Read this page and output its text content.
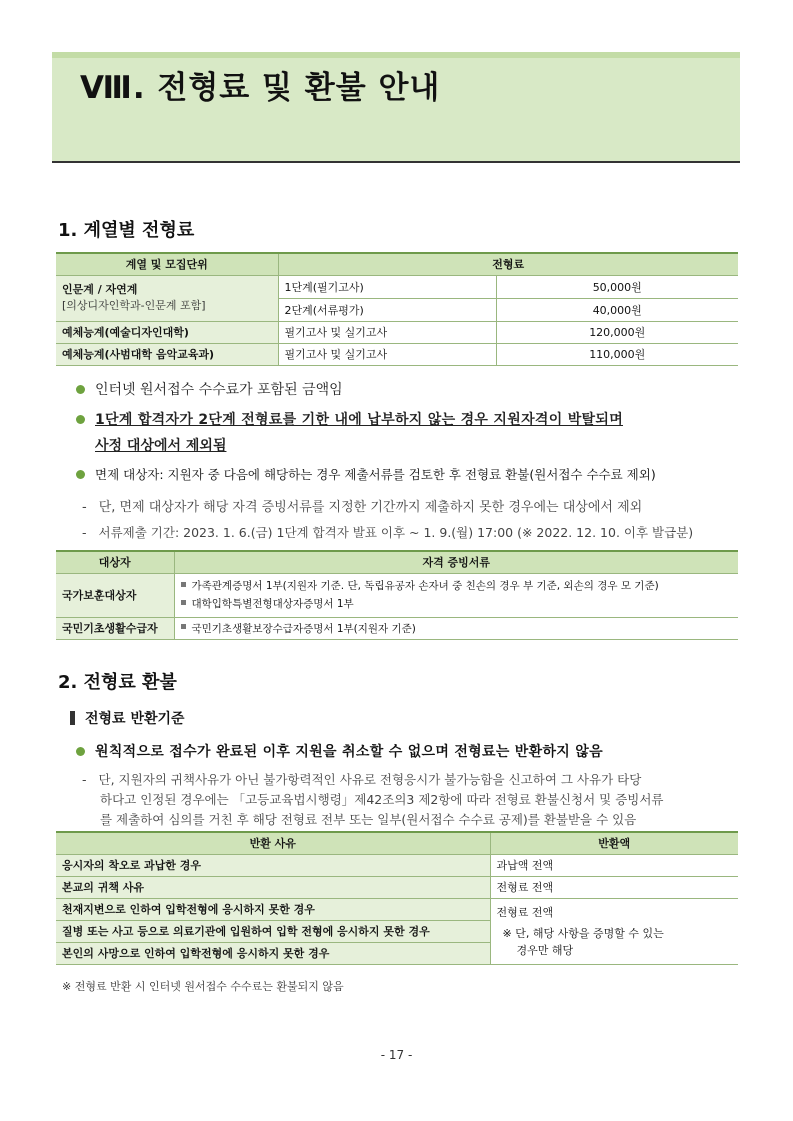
Ⅷ. 전형료 및 환불 안내
1. 계열별 전형료
계열 및 모집단위	전형료	

인문계 / 자연계
[의상디자인학과-인문계 포함]	1단계(필기고사)	50,000원
	2단계(서류평가)	40,000원
예체능계(예술디자인대학)	필기고사 및 실기고사	120,000원
예체능계(사범대학 음악교육과)	필기고사 및 실기고사	110,000원
인터넷 원서접수 수수료가 포함된 금액임
1단계 합격자가 2단계 전형료를 기한 내에 납부하지 않는 경우 지원자격이 박탈되며
사정 대상에서 제외됨
면제 대상자: 지원자 중 다음에 해당하는 경우 제출서류를 검토한 후 전형료 환불(원서접수 수수료 제외)
- 단, 면제 대상자가 해당 자격 증빙서류를 지정한 기간까지 제출하지 못한 경우에는 대상에서 제외
- 서류제출 기간: 2023. 1. 6.(금) 1단계 합격자 발표 이후 ~ 1. 9.(월) 17:00 (※ 2022. 12. 10. 이후 발급분)
대상자	자격 증빙서류
국가보훈대상자	가족관계증명서 1부(지원자 기준. 단, 독립유공자 손자녀 중 친손의 경우 부 기준, 외손의 경우 모 기준)
대학입학특별전형대상자증명서 1부

국민기초생활수급자	국민기초생활보장수급자증명서 1부(지원자 기준)
2. 전형료 환불
전형료 반환기준
원칙적으로 접수가 완료된 이후 지원을 취소할 수 없으며 전형료는 반환하지 않음
- 단, 지원자의 귀책사유가 아닌 불가항력적인 사유로 전형응시가 불가능함을 신고하여 그 사유가 타당
하다고 인정된 경우에는 「고등교육법시행령」제42조의3 제2항에 따라 전형료 환불신청서 및 증빙서류
를 제출하여 심의를 거친 후 해당 전형료 전부 또는 일부(원서접수 수수료 공제)를 환불받을 수 있음
반환 사유	반환액
응시자의 착오로 과납한 경우	과납액 전액
본교의 귀책 사유	전형료 전액
천재지변으로 인하여 입학전형에 응시하지 못한 경우	전형료 전액
※ 단, 해당 사항을 증명할 수 있는
경우만 해당

질병 또는 사고 등으로 의료기관에 입원하여 입학 전형에 응시하지 못한 경우	
본인의 사망으로 인하여 입학전형에 응시하지 못한 경우	
※ 전형료 반환 시 인터넷 원서접수 수수료는 환불되지 않음
- 17 -
